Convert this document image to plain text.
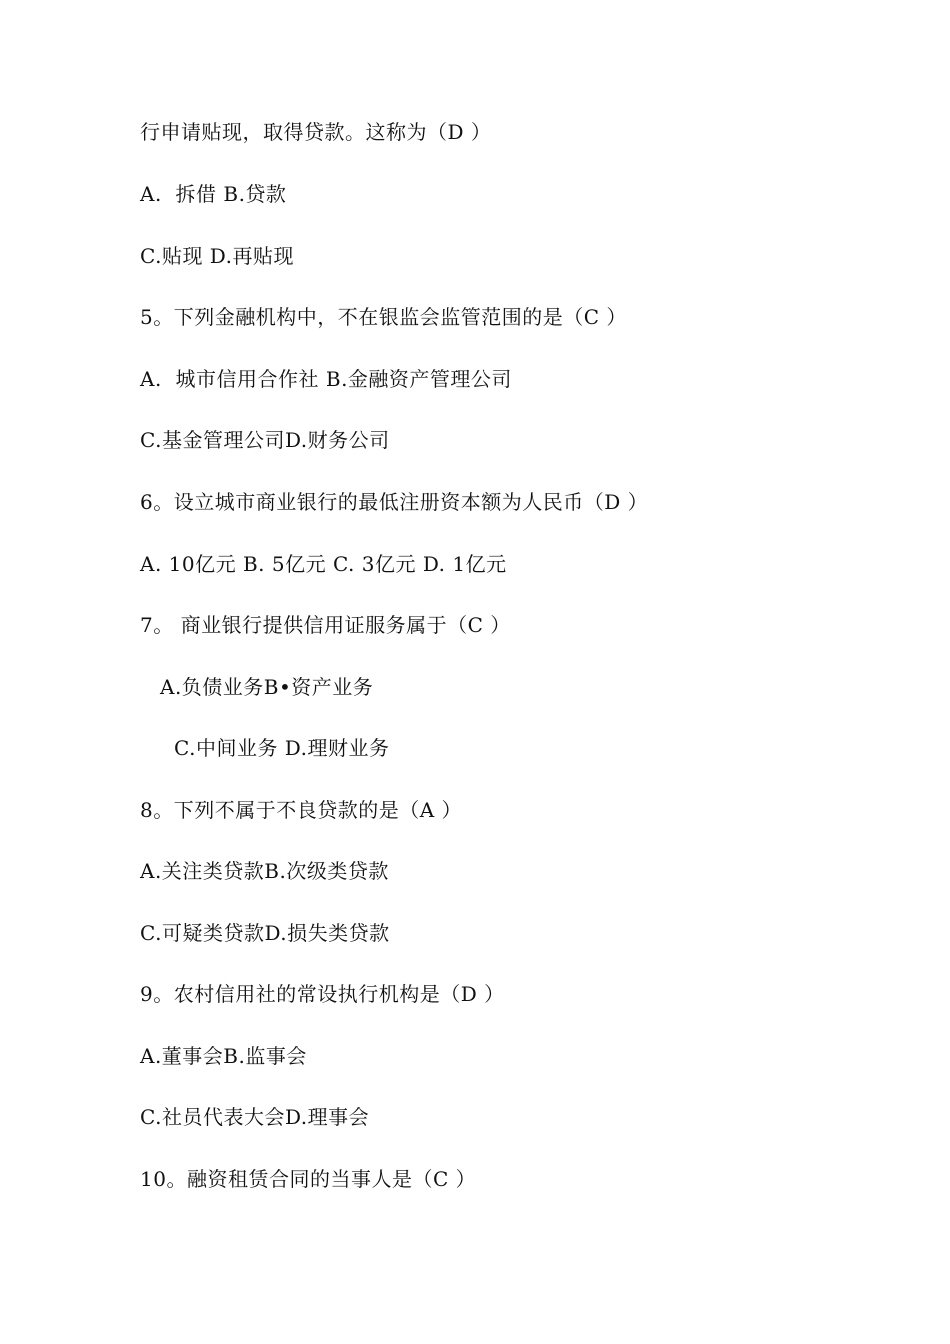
行申请贴现，取得贷款。这称为（D ）
A.  拆借 B.贷款
C.贴现 D.再贴现
5。下列金融机构中，不在银监会监管范围的是（C ）
A.  城市信用合作社 B.金融资产管理公司
C.基金管理公司D.财务公司
6。设立城市商业银行的最低注册资本额为人民币（D ）
A. 10亿元 B. 5亿元 C. 3亿元 D. 1亿元
7。 商业银行提供信用证服务属于（C ）
A.负债业务B•资产业务
C.中间业务 D.理财业务
8。下列不属于不良贷款的是（A ）
A.关注类贷款B.次级类贷款
C.可疑类贷款D.损失类贷款
9。农村信用社的常设执行机构是（D ）
A.董事会B.监事会
C.社员代表大会D.理事会
10。融资租赁合同的当事人是（C ）
